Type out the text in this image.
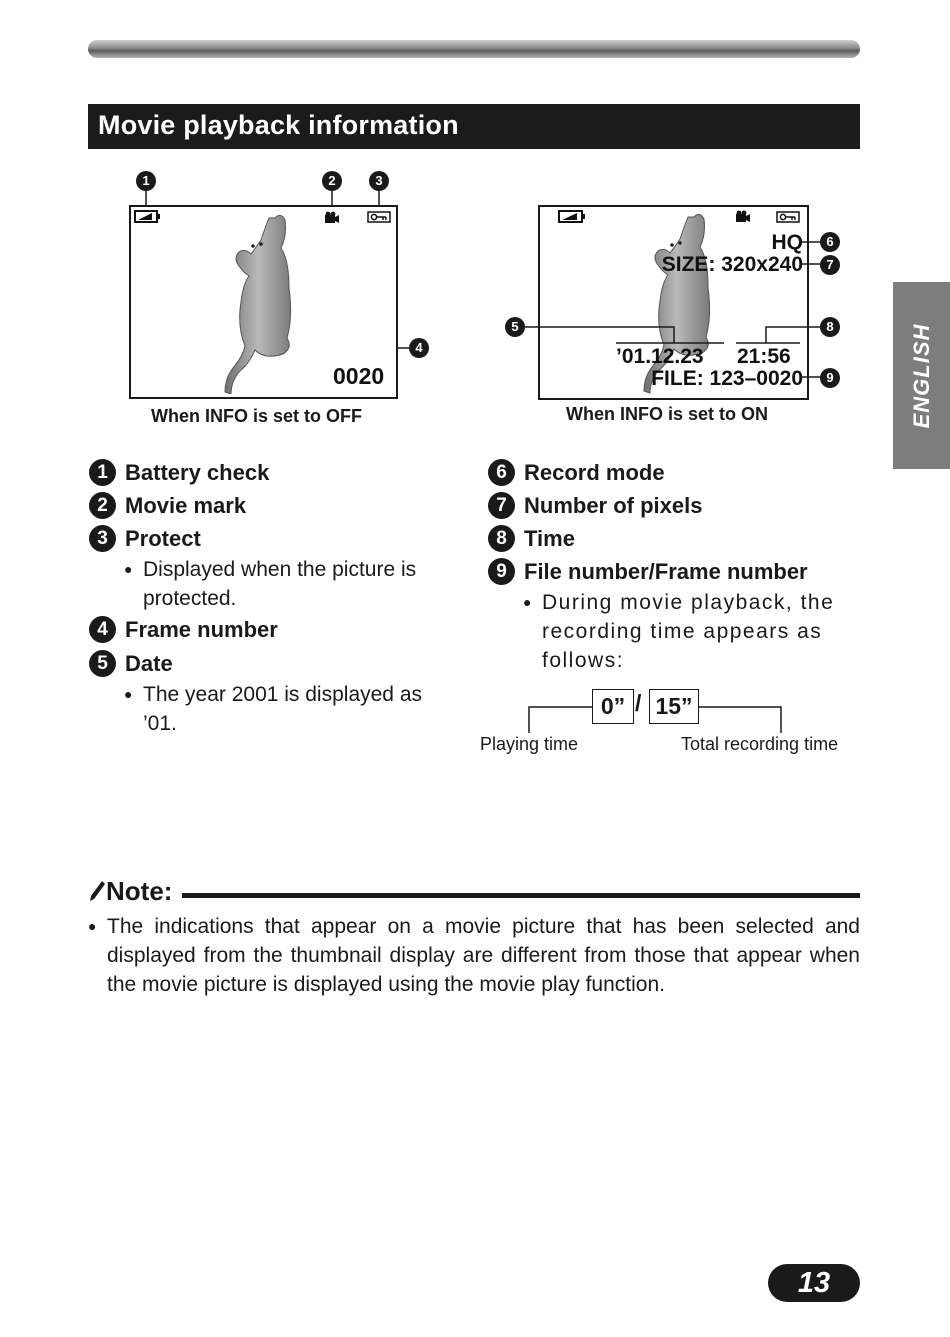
Movie playback information
ENGLISH
1	2	3
4
0020
When INFO is set to OFF
HQ
SIZE: 320x240
’01.12.23 21:56
FILE: 123–0020
6
7
5	8
9
When INFO is set to ON
1 Battery check
2 Movie mark
3 Protect
● Displayed when the picture is
protected.
4 Frame number
5 Date
● The year 2001 is displayed as
’01.
6 Record mode
7 Number of pixels
8 Time
9 File number/Frame number
● During movie playback, the
recording time appears as
follows:
0” / 15”
Playing time	Total recording time
Note:
● The indications that appear on a movie picture that has been selected and displayed from the thumbnail display are different from those that appear when the movie picture is displayed using the movie play function.
13
